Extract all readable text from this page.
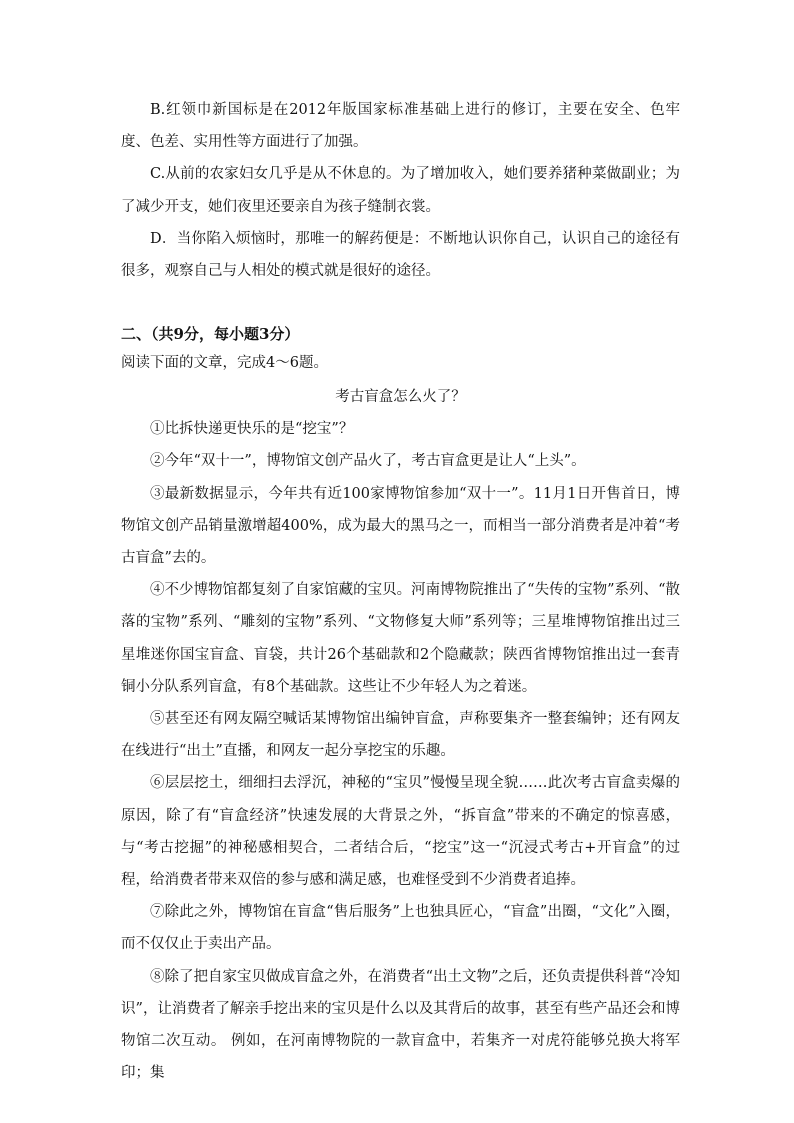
B.红领巾新国标是在2012年版国家标准基础上进行的修订，主要在安全、色牢度、色差、实用性等方面进行了加强。

C.从前的农家妇女几乎是从不休息的。为了增加收入，她们要养猪种菜做副业；为了减少开支，她们夜里还要亲自为孩子缝制衣裳。

D．当你陷入烦恼时，那唯一的解药便是：不断地认识你自己，认识自己的途径有很多，观察自己与人相处的模式就是很好的途径。

二、（共9分，每小题3分）

阅读下面的文章，完成4～6题。

考古盲盒怎么火了？

①比拆快递更快乐的是“挖宝”？

②今年“双十一”，博物馆文创产品火了，考古盲盒更是让人“上头”。

③最新数据显示，今年共有近100家博物馆参加“双十一”。11月1日开售首日，博物馆文创产品销量激增超400%，成为最大的黑马之一，而相当一部分消费者是冲着“考古盲盒”去的。

④不少博物馆都复刻了自家馆藏的宝贝。河南博物院推出了“失传的宝物”系列、“散落的宝物”系列、“雕刻的宝物”系列、“文物修复大师”系列等；三星堆博物馆推出过三星堆迷你国宝盲盒、盲袋，共计26个基础款和2个隐藏款；陕西省博物馆推出过一套青铜小分队系列盲盒，有8个基础款。这些让不少年轻人为之着迷。

⑤甚至还有网友隔空喊话某博物馆出编钟盲盒，声称要集齐一整套编钟；还有网友在线进行“出土”直播，和网友一起分享挖宝的乐趣。

⑥层层挖土，细细扫去浮沉，神秘的“宝贝”慢慢呈现全貌……此次考古盲盒卖爆的原因，除了有“盲盒经济”快速发展的大背景之外，“拆盲盒”带来的不确定的惊喜感，与“考古挖掘”的神秘感相契合，二者结合后，“挖宝”这一“沉浸式考古+开盲盒”的过程，给消费者带来双倍的参与感和满足感，也难怪受到不少消费者追捧。

⑦除此之外，博物馆在盲盒“售后服务”上也独具匠心，“盲盒”出圈，“文化”入圈，而不仅仅止于卖出产品。

⑧除了把自家宝贝做成盲盒之外，在消费者“出土文物”之后，还负责提供科普“冷知识”，让消费者了解亲手挖出来的宝贝是什么以及其背后的故事，甚至有些产品还会和博物馆二次互动。 例如，在河南博物院的一款盲盒中，若集齐一对虎符能够兑换大将军印；集
